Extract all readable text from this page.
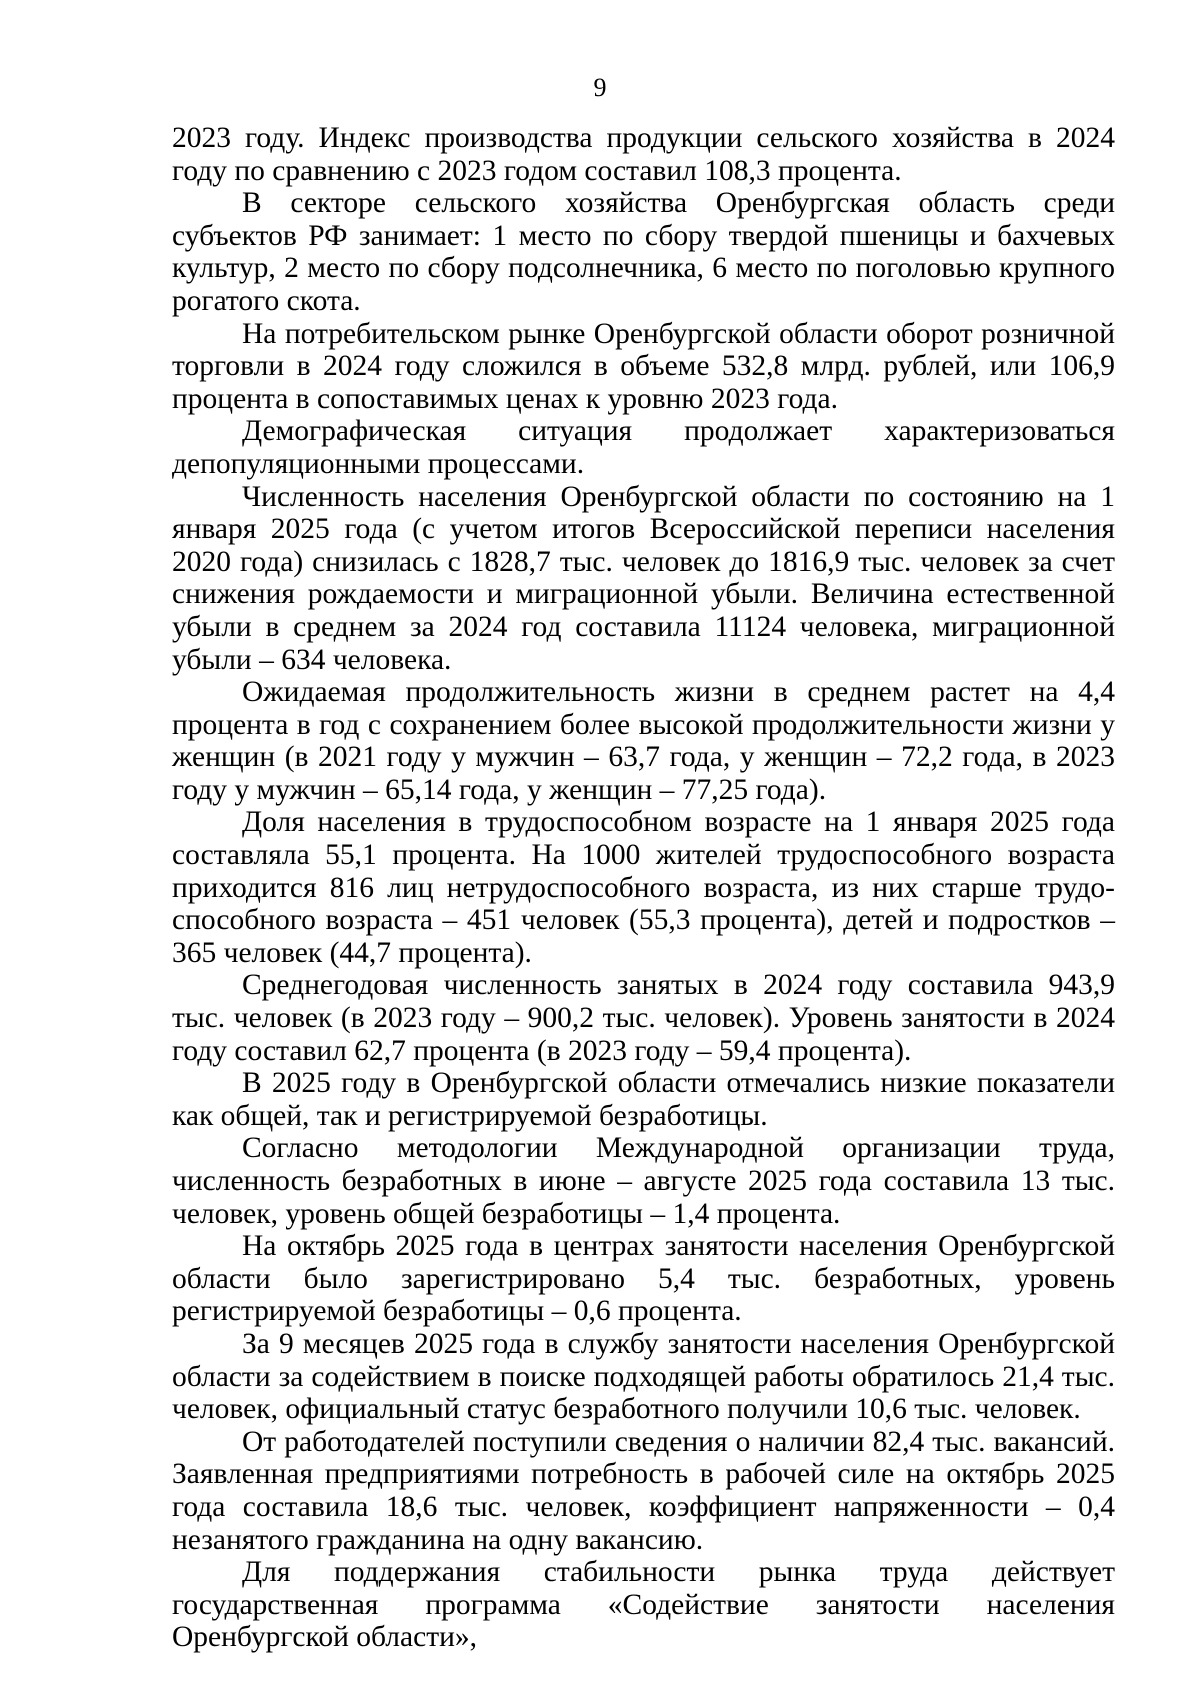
9

2023 году. Индекс производства продукции сельского хозяйства в 2024 году по сравнению с 2023 годом составил 108,3 процента.

В секторе сельского хозяйства Оренбургская область среди субъектов РФ занимает: 1 место по сбору твердой пшеницы и бахчевых культур, 2 место по сбору подсолнечника, 6 место по поголовью крупного рогатого скота.

На потребительском рынке Оренбургской области оборот розничной торговли в 2024 году сложился в объеме 532,8 млрд. рублей, или 106,9 процента в сопоставимых ценах к уровню 2023 года.

Демографическая ситуация продолжает характеризоваться депопуляционными процессами.

Численность населения Оренбургской области по состоянию на 1 января 2025 года (с учетом итогов Всероссийской переписи населения 2020 года) снизилась с 1828,7 тыс. человек до 1816,9 тыс. человек за счет снижения рождаемости и миграционной убыли. Величина естественной убыли в среднем за 2024 год составила 11124 человека, миграционной убыли – 634 человека.

Ожидаемая продолжительность жизни в среднем растет на 4,4 процента в год с сохранением более высокой продолжительности жизни у женщин (в 2021 году у мужчин – 63,7 года, у женщин – 72,2 года, в 2023 году у мужчин – 65,14 года, у женщин – 77,25 года).

Доля населения в трудоспособном возрасте на 1 января 2025 года составляла 55,1 процента. На 1000 жителей трудоспособного возраста приходится 816 лиц нетрудоспособного возраста, из них старше трудоспособного возраста – 451 человек (55,3 процента), детей и подростков – 365 человек (44,7 процента).

Среднегодовая численность занятых в 2024 году составила 943,9 тыс. человек (в 2023 году – 900,2 тыс. человек). Уровень занятости в 2024 году составил 62,7 процента (в 2023 году – 59,4 процента).

В 2025 году в Оренбургской области отмечались низкие показатели как общей, так и регистрируемой безработицы.

Согласно методологии Международной организации труда, численность безработных в июне – августе 2025 года составила 13 тыс. человек, уровень общей безработицы – 1,4 процента.

На октябрь 2025 года в центрах занятости населения Оренбургской области было зарегистрировано 5,4 тыс. безработных, уровень регистрируемой безработицы – 0,6 процента.

За 9 месяцев 2025 года в службу занятости населения Оренбургской области за содействием в поиске подходящей работы обратилось 21,4 тыс. человек, официальный статус безработного получили 10,6 тыс. человек.

От работодателей поступили сведения о наличии 82,4 тыс. вакансий. Заявленная предприятиями потребность в рабочей силе на октябрь 2025 года составила 18,6 тыс. человек, коэффициент напряженности – 0,4 незанятого гражданина на одну вакансию.

Для поддержания стабильности рынка труда действует государственная программа «Содействие занятости населения Оренбургской области»,
